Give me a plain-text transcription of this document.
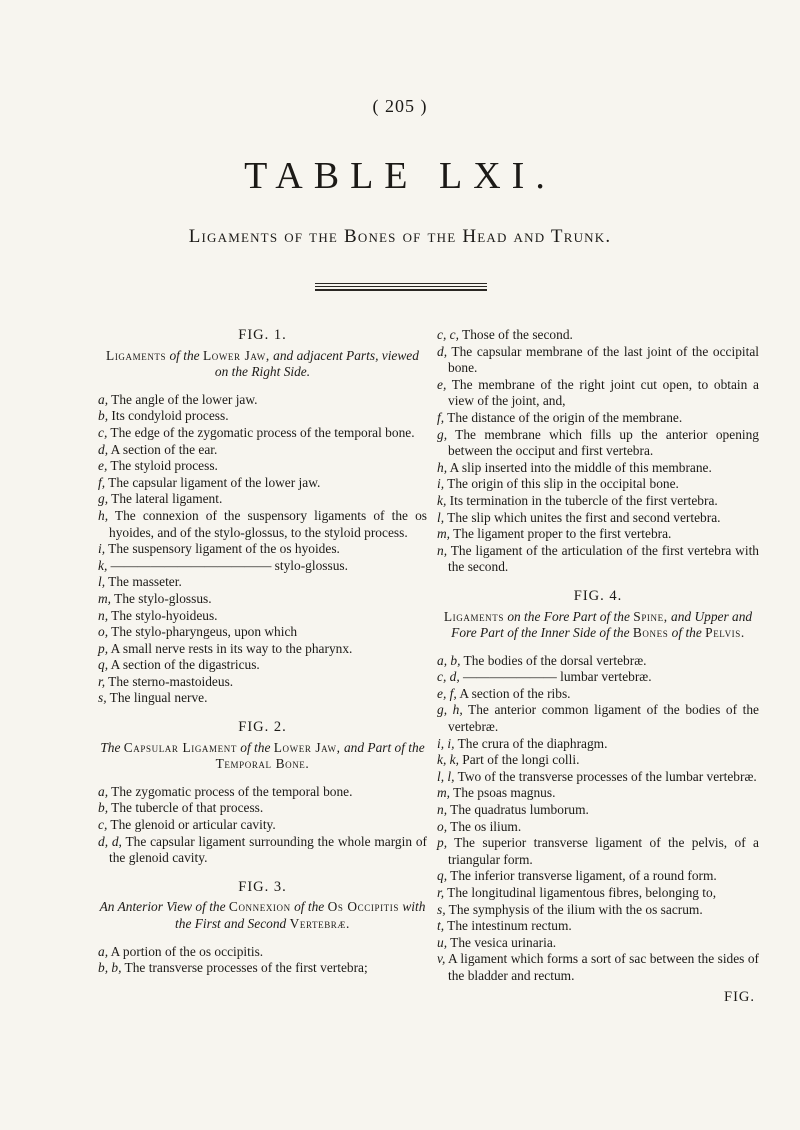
( 205 )
TABLE LXI.
Ligaments of the Bones of the Head and Trunk.
FIG. 1.
Ligaments of the Lower Jaw, and adjacent Parts, viewed on the Right Side.

a, The angle of the lower jaw.

b, Its condyloid process.

c, The edge of the zygomatic process of the temporal bone.

d, A section of the ear.

e, The styloid process.

f, The capsular ligament of the lower jaw.

g, The lateral ligament.

h, The connexion of the suspensory ligaments of the os hyoides, and of the stylo-glossus, to the styloid process.

i, The suspensory ligament of the os hyoides.

k, ———————————— stylo-glossus.

l, The masseter.

m, The stylo-glossus.

n, The stylo-hyoideus.

o, The stylo-pharyngeus, upon which

p, A small nerve rests in its way to the pharynx.

q, A section of the digastricus.

r, The sterno-mastoideus.

s, The lingual nerve.

FIG. 2.
The Capsular Ligament of the Lower Jaw, and Part of the Temporal Bone.

a, The zygomatic process of the temporal bone.

b, The tubercle of that process.

c, The glenoid or articular cavity.

d, d, The capsular ligament surrounding the whole margin of the glenoid cavity.

FIG. 3.
An Anterior View of the Connexion of the Os Occipitis with the First and Second Vertebræ.

a, A portion of the os occipitis.

b, b, The transverse processes of the first vertebra;

c, c, Those of the second.

d, The capsular membrane of the last joint of the occipital bone.

e, The membrane of the right joint cut open, to obtain a view of the joint, and,

f, The distance of the origin of the membrane.

g, The membrane which fills up the anterior opening between the occiput and first vertebra.

h, A slip inserted into the middle of this membrane.

i, The origin of this slip in the occipital bone.

k, Its termination in the tubercle of the first vertebra.

l, The slip which unites the first and second vertebra.

m, The ligament proper to the first vertebra.

n, The ligament of the articulation of the first vertebra with the second.

FIG. 4.
Ligaments on the Fore Part of the Spine, and Upper and Fore Part of the Inner Side of the Bones of the Pelvis.

a, b, The bodies of the dorsal vertebræ.

c, d, ——————— lumbar vertebræ.

e, f, A section of the ribs.

g, h, The anterior common ligament of the bodies of the vertebræ.

i, i, The crura of the diaphragm.

k, k, Part of the longi colli.

l, l, Two of the transverse processes of the lumbar vertebræ.

m, The psoas magnus.

n, The quadratus lumborum.

o, The os ilium.

p, The superior transverse ligament of the pelvis, of a triangular form.

q, The inferior transverse ligament, of a round form.

r, The longitudinal ligamentous fibres, belonging to,

s, The symphysis of the ilium with the os sacrum.

t, The intestinum rectum.

u, The vesica urinaria.

v, A ligament which forms a sort of sac between the sides of the bladder and rectum.

FIG.
